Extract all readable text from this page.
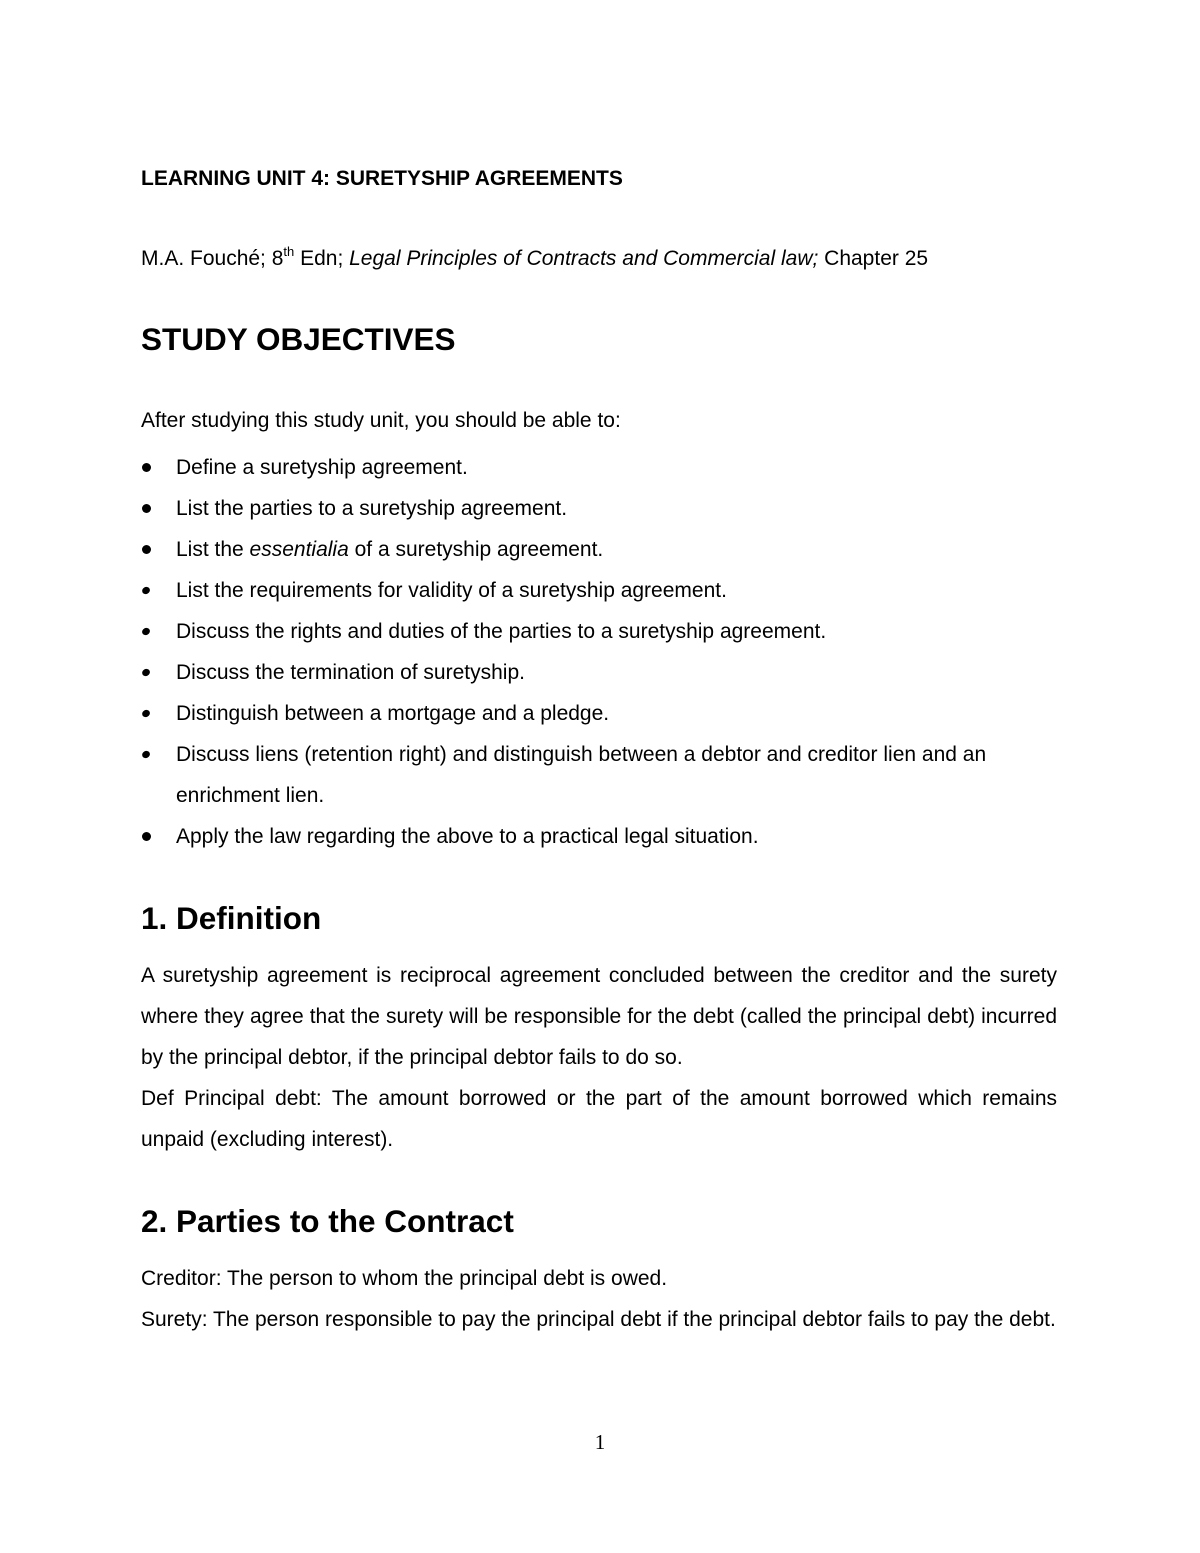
LEARNING UNIT 4: SURETYSHIP AGREEMENTS

M.A. Fouché; 8th Edn; Legal Principles of Contracts and Commercial law; Chapter 25

STUDY OBJECTIVES

After studying this study unit, you should be able to:

Define a suretyship agreement.
List the parties to a suretyship agreement.
List the essentialia of a suretyship agreement.
List the requirements for validity of a suretyship agreement.
Discuss the rights and duties of the parties to a suretyship agreement.
Discuss the termination of suretyship.
Distinguish between a mortgage and a pledge.
Discuss liens (retention right) and distinguish between a debtor and creditor lien and an enrichment lien.
Apply the law regarding the above to a practical legal situation.
1. Definition

A suretyship agreement is reciprocal agreement concluded between the creditor and the surety where they agree that the surety will be responsible for the debt (called the principal debt) incurred by the principal debtor, if the principal debtor fails to do so.

Def Principal debt: The amount borrowed or the part of the amount borrowed which remains unpaid (excluding interest).

2. Parties to the Contract

Creditor: The person to whom the principal debt is owed.

Surety: The person responsible to pay the principal debt if the principal debtor fails to pay the debt.

1
